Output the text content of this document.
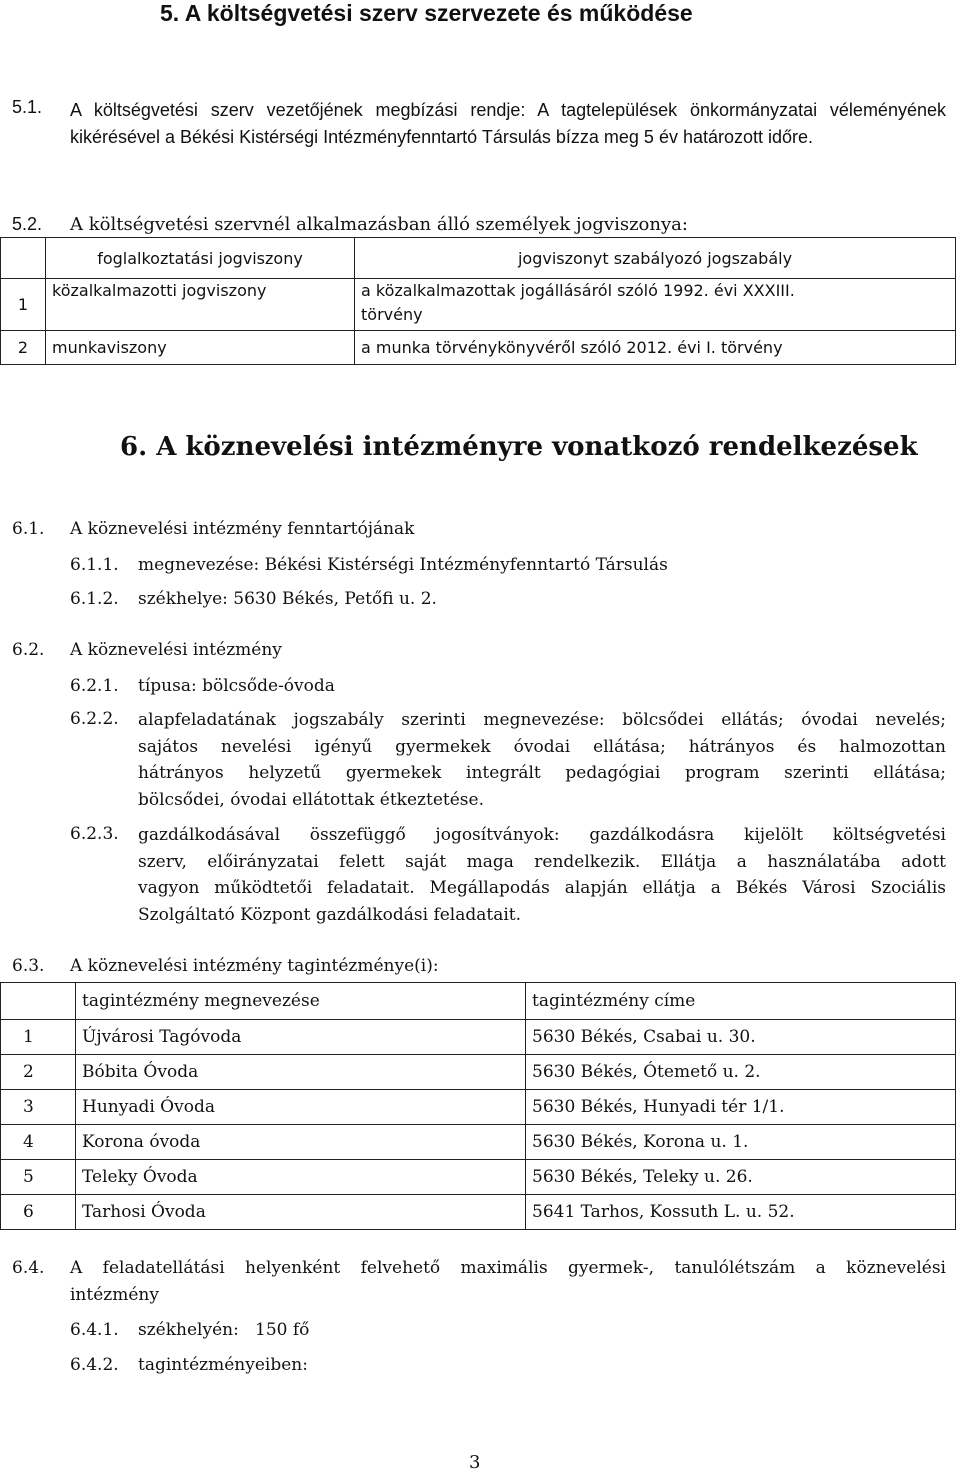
5. A költségvetési szerv szervezete és működése
5.1. A költségvetési szerv vezetőjének megbízási rendje: A tagtelepülések önkormányzatai véleményének kikérésével a Békési Kistérségi Intézményfenntartó Társulás bízza meg 5 év határozott időre.

5.2. A költségvetési szervnél alkalmazásban álló személyek jogviszonya:
	foglalkoztatási jogviszony	jogviszonyt szabályozó jogszabály
1	közalkalmazotti jogviszony	a közalkalmazottak jogállásáról szóló 1992. évi XXXIII.
törvény

2	munkaviszony	a munka törvénykönyvéről szóló 2012. évi I. törvény
6. A köznevelési intézményre vonatkozó rendelkezések
6.1. A köznevelési intézmény fenntartójának
6.1.1. megnevezése: Békési Kistérségi Intézményfenntartó Társulás
6.1.2. székhelye: 5630 Békés, Petőfi u. 2.
6.2. A köznevelési intézmény
6.2.1. típusa: bölcsőde-óvoda
6.2.2. alapfeladatának jogszabály szerinti megnevezése: bölcsődei ellátás; óvodai nevelés;
sajátos nevelési igényű gyermekek óvodai ellátása; hátrányos és halmozottan
hátrányos helyzetű gyermekek integrált pedagógiai program szerinti ellátása;
bölcsődei, óvodai ellátottak étkeztetése.
6.2.3. gazdálkodásával összefüggő jogosítványok: gazdálkodásra kijelölt költségvetési
szerv, előirányzatai felett saját maga rendelkezik. Ellátja a használatába adott
vagyon működtetői feladatait. Megállapodás alapján ellátja a Békés Városi Szociális
Szolgáltató Központ gazdálkodási feladatait.
6.3. A köznevelési intézmény tagintézménye(i):
	tagintézmény megnevezése	tagintézmény címe
1	Újvárosi Tagóvoda	5630 Békés, Csabai u. 30.
2	Bóbita Óvoda	5630 Békés, Ótemető u. 2.
3	Hunyadi Óvoda	5630 Békés, Hunyadi tér 1/1.
4	Korona óvoda	5630 Békés, Korona u. 1.
5	Teleky Óvoda	5630 Békés, Teleky u. 26.
6	Tarhosi Óvoda	5641 Tarhos, Kossuth L. u. 52.
6.4. A feladatellátási helyenként felvehető maximális gyermek-, tanulólétszám a köznevelési
intézmény
6.4.1. székhelyén:   150 fő
6.4.2. tagintézményeiben:
3
